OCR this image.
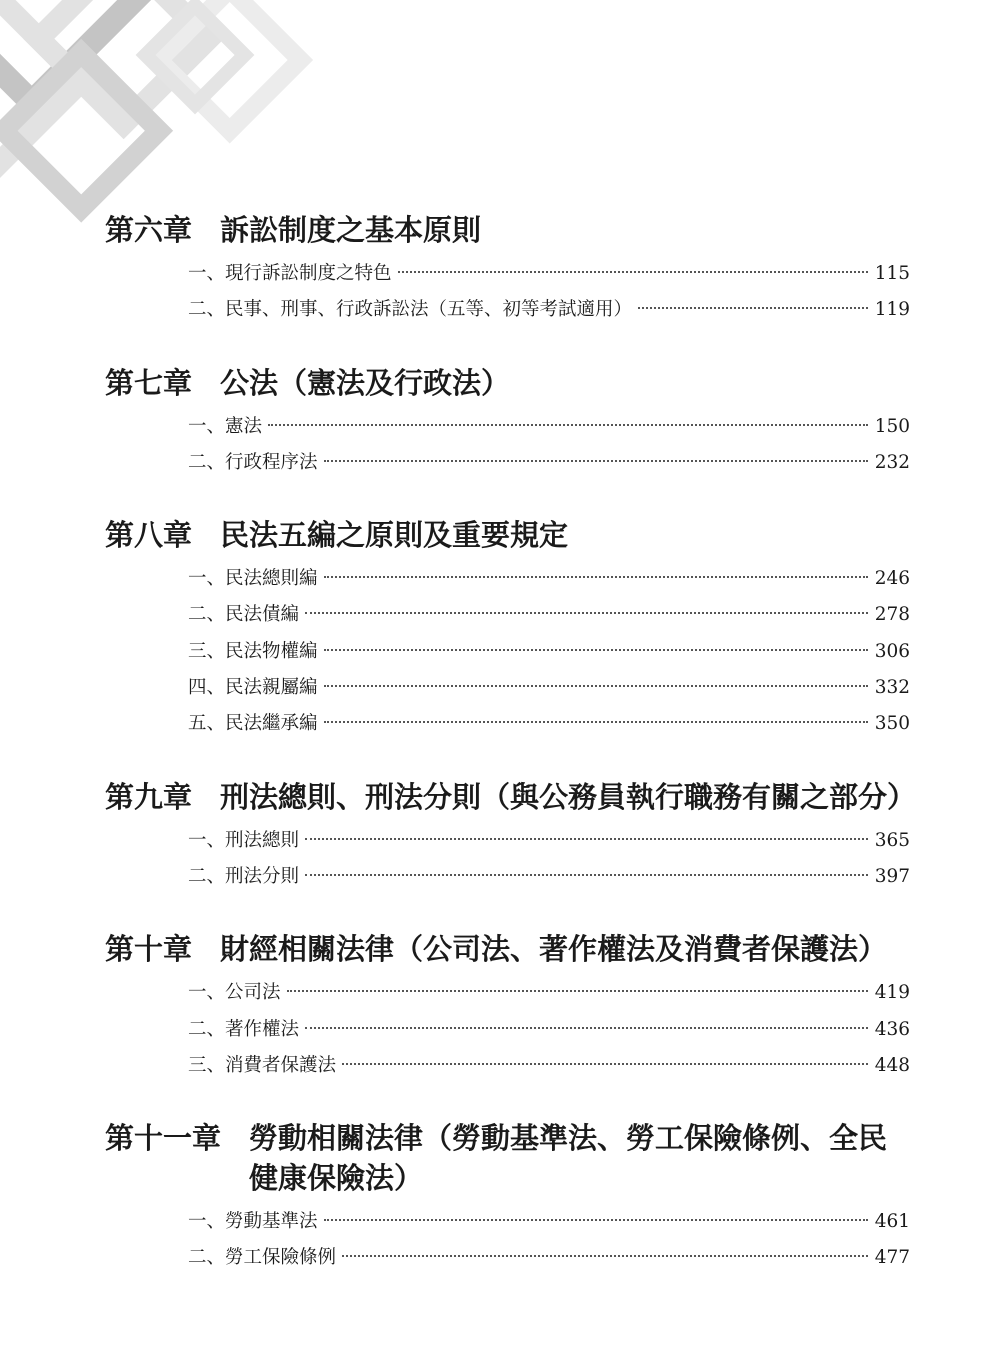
第六章 訴訟制度之基本原則
一、現行訴訟制度之特色	115
二、民事、刑事、行政訴訟法（五等、初等考試適用）	119
第七章 公法（憲法及行政法）
一、憲法	150
二、行政程序法	232
第八章 民法五編之原則及重要規定
一、民法總則編	246
二、民法債編	278
三、民法物權編	306
四、民法親屬編	332
五、民法繼承編	350
第九章 刑法總則、刑法分則（與公務員執行職務有關之部分）
一、刑法總則	365
二、刑法分則	397
第十章 財經相關法律（公司法、著作權法及消費者保護法）
一、公司法	419
二、著作權法	436
三、消費者保護法	448
第十一章 勞動相關法律（勞動基準法、勞工保險條例、全民健康保險法）
一、勞動基準法	461
二、勞工保險條例	477
